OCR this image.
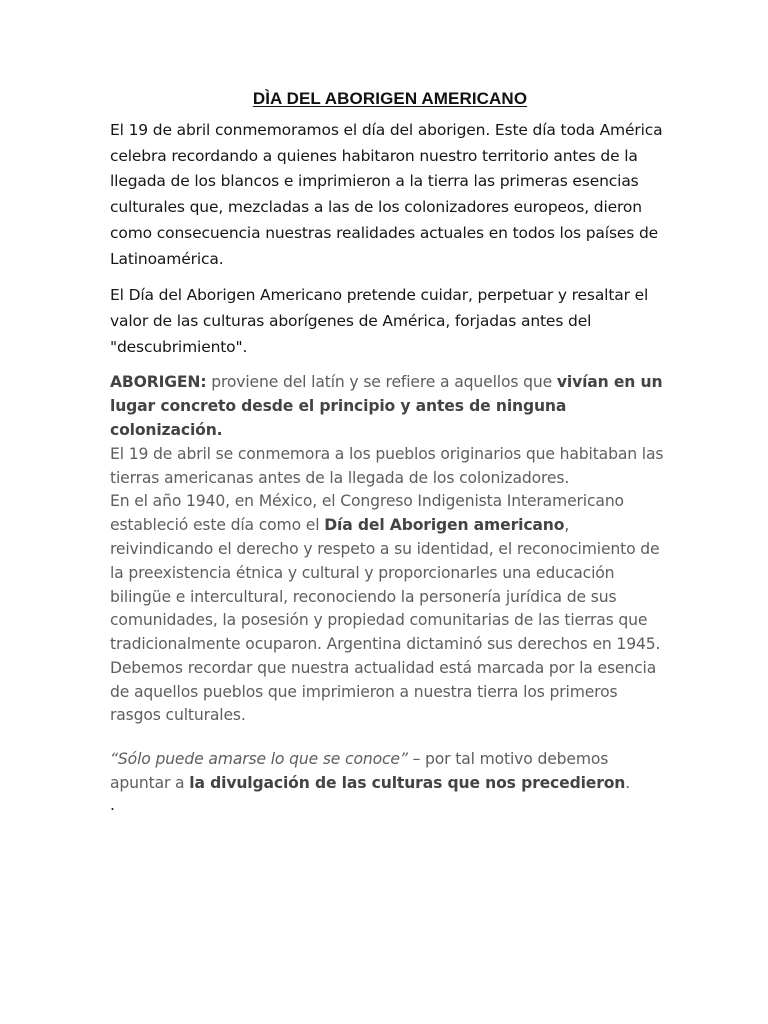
DÌA DEL ABORIGEN AMERICANO

El 19 de abril conmemoramos el día del aborigen. Este día toda América celebra recordando a quienes habitaron nuestro territorio antes de la llegada de los blancos e imprimieron a la tierra las primeras esencias culturales que, mezcladas a las de los colonizadores europeos, dieron como consecuencia nuestras realidades actuales en todos los países de Latinoamérica.

El Día del Aborigen Americano pretende cuidar, perpetuar y resaltar el valor de las culturas aborígenes de América, forjadas antes del "descubrimiento".

ABORIGEN: proviene del latín y se refiere a aquellos que vivían en un lugar concreto desde el principio y antes de ninguna colonización.

El 19 de abril se conmemora a los pueblos originarios que habitaban las tierras americanas antes de la llegada de los colonizadores.

En el año 1940, en México, el Congreso Indigenista Interamericano estableció este día como el Día del Aborigen americano, reivindicando el derecho y respeto a su identidad, el reconocimiento de la preexistencia étnica y cultural y proporcionarles una educación bilingüe e intercultural, reconociendo la personería jurídica de sus comunidades, la posesión y propiedad comunitarias de las tierras que tradicionalmente ocuparon. Argentina dictaminó sus derechos en 1945.

Debemos recordar que nuestra actualidad está marcada por la esencia de aquellos pueblos que imprimieron a nuestra tierra los primeros rasgos culturales.

“Sólo puede amarse lo que se conoce” – por tal motivo debemos apuntar a la divulgación de las culturas que nos precedieron.

.
